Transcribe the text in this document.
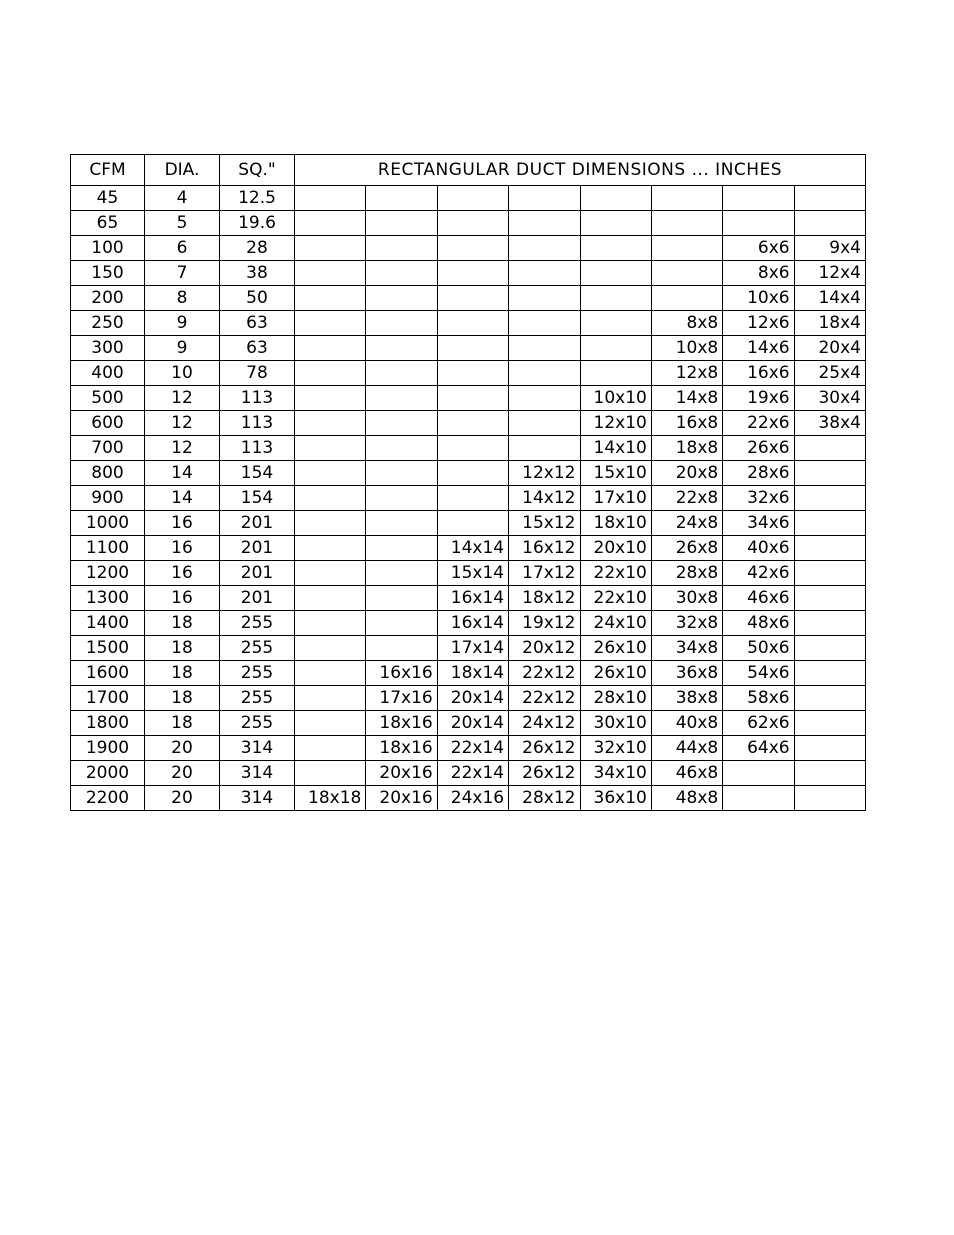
CFM	DIA.	SQ."	RECTANGULAR DUCT DIMENSIONS ... INCHES							
45	4	12.5								
65	5	19.6								
100	6	28							6x6	9x4
150	7	38							8x6	12x4
200	8	50							10x6	14x4
250	9	63						8x8	12x6	18x4
300	9	63						10x8	14x6	20x4
400	10	78						12x8	16x6	25x4
500	12	113					10x10	14x8	19x6	30x4
600	12	113					12x10	16x8	22x6	38x4
700	12	113					14x10	18x8	26x6	
800	14	154				12x12	15x10	20x8	28x6	
900	14	154				14x12	17x10	22x8	32x6	
1000	16	201				15x12	18x10	24x8	34x6	
1100	16	201			14x14	16x12	20x10	26x8	40x6	
1200	16	201			15x14	17x12	22x10	28x8	42x6	
1300	16	201			16x14	18x12	22x10	30x8	46x6	
1400	18	255			16x14	19x12	24x10	32x8	48x6	
1500	18	255			17x14	20x12	26x10	34x8	50x6	
1600	18	255		16x16	18x14	22x12	26x10	36x8	54x6	
1700	18	255		17x16	20x14	22x12	28x10	38x8	58x6	
1800	18	255		18x16	20x14	24x12	30x10	40x8	62x6	
1900	20	314		18x16	22x14	26x12	32x10	44x8	64x6	
2000	20	314		20x16	22x14	26x12	34x10	46x8		
2200	20	314	18x18	20x16	24x16	28x12	36x10	48x8		
